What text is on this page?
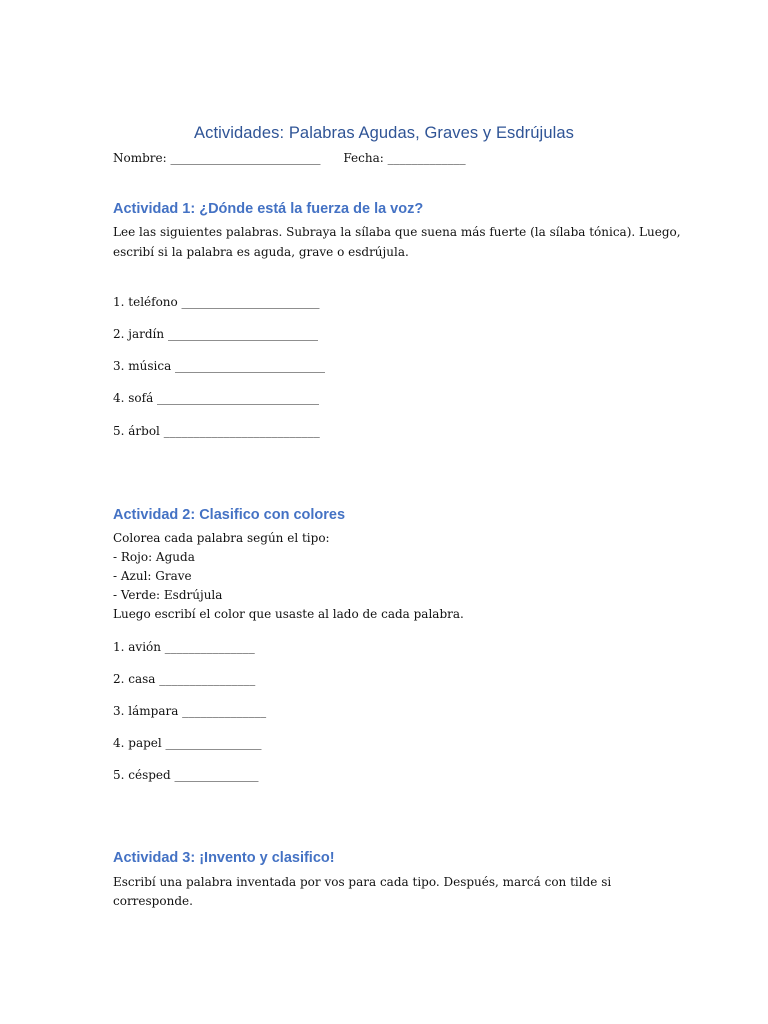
Actividades: Palabras Agudas, Graves y Esdrújulas

Nombre: _________________________      Fecha: _____________

Actividad 1: ¿Dónde está la fuerza de la voz?

Lee las siguientes palabras. Subraya la sílaba que suena más fuerte (la sílaba tónica). Luego,

escribí si la palabra es aguda, grave o esdrújula.

1. teléfono _______________________

2. jardín _________________________

3. música _________________________

4. sofá ___________________________

5. árbol __________________________

Actividad 2: Clasifico con colores

Colorea cada palabra según el tipo:

- Rojo: Aguda

- Azul: Grave

- Verde: Esdrújula

Luego escribí el color que usaste al lado de cada palabra.

1. avión _______________

2. casa ________________

3. lámpara ______________

4. papel ________________

5. césped ______________

Actividad 3: ¡Invento y clasifico!

Escribí una palabra inventada por vos para cada tipo. Después, marcá con tilde si

corresponde.
